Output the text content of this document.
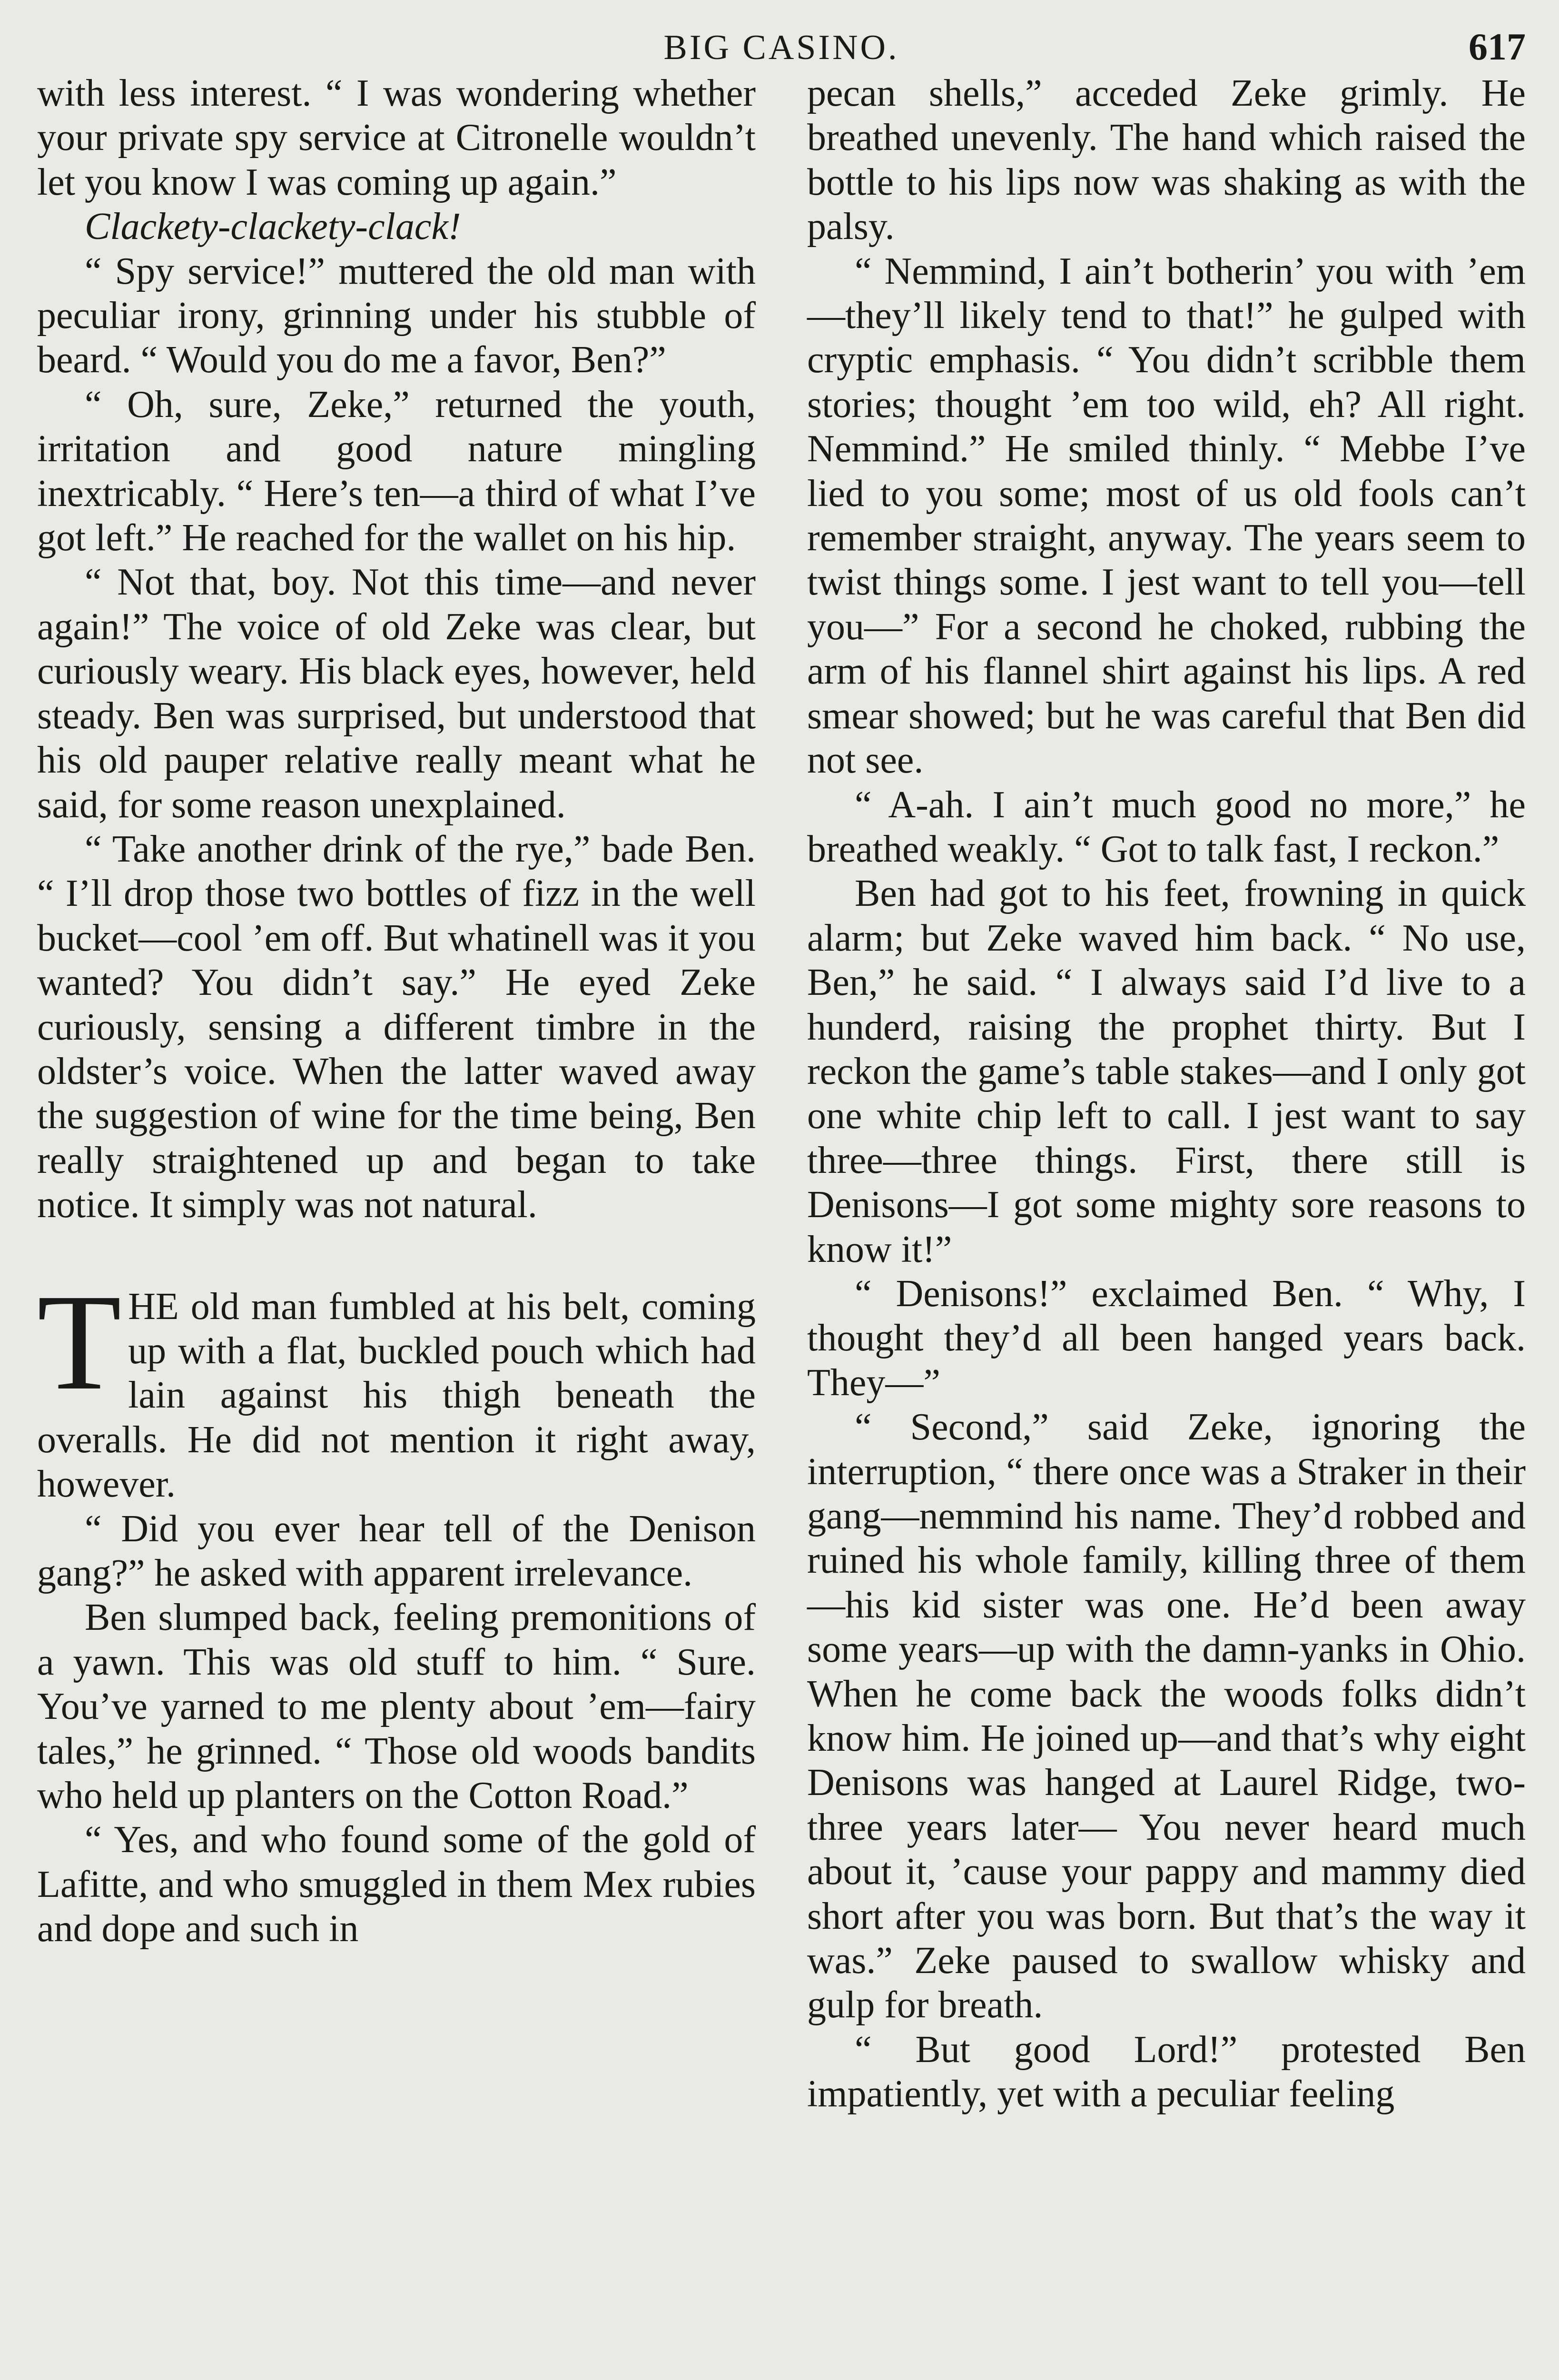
BIG CASINO.	617

with less interest. “ I was wondering whether your private spy service at Citronelle wouldn’t let you know I was coming up again.”

Clackety-clackety-clack!

“ Spy service!” muttered the old man with peculiar irony, grinning under his stubble of beard. “ Would you do me a favor, Ben?”

“ Oh, sure, Zeke,” returned the youth, irritation and good nature mingling inextricably. “ Here’s ten—a third of what I’ve got left.” He reached for the wallet on his hip.

“ Not that, boy. Not this time—and never again!” The voice of old Zeke was clear, but curiously weary. His black eyes, however, held steady. Ben was surprised, but understood that his old pauper relative really meant what he said, for some reason unexplained.

“ Take another drink of the rye,” bade Ben. “ I’ll drop those two bottles of fizz in the well bucket—cool ’em off. But whatinell was it you wanted? You didn’t say.” He eyed Zeke curiously, sensing a different timbre in the oldster’s voice. When the latter waved away the suggestion of wine for the time being, Ben really straightened up and began to take notice. It simply was not natural.

THE old man fumbled at his belt, coming up with a flat, buckled pouch which had lain against his thigh beneath the overalls. He did not mention it right away, however.

“ Did you ever hear tell of the Denison gang?” he asked with apparent irrelevance.

Ben slumped back, feeling premonitions of a yawn. This was old stuff to him. “ Sure. You’ve yarned to me plenty about ’em—fairy tales,” he grinned. “ Those old woods bandits who held up planters on the Cotton Road.”

“ Yes, and who found some of the gold of Lafitte, and who smuggled in them Mex rubies and dope and such in

pecan shells,” acceded Zeke grimly. He breathed unevenly. The hand which raised the bottle to his lips now was shaking as with the palsy.

“ Nemmind, I ain’t botherin’ you with ’em—they’ll likely tend to that!” he gulped with cryptic emphasis. “ You didn’t scribble them stories; thought ’em too wild, eh? All right. Nemmind.” He smiled thinly. “ Mebbe I’ve lied to you some; most of us old fools can’t remember straight, anyway. The years seem to twist things some. I jest want to tell you—tell you—” For a second he choked, rubbing the arm of his flannel shirt against his lips. A red smear showed; but he was careful that Ben did not see.

“ A-ah. I ain’t much good no more,” he breathed weakly. “ Got to talk fast, I reckon.”

Ben had got to his feet, frowning in quick alarm; but Zeke waved him back. “ No use, Ben,” he said. “ I always said I’d live to a hunderd, raising the prophet thirty. But I reckon the game’s table stakes—and I only got one white chip left to call. I jest want to say three—three things. First, there still is Denisons—I got some mighty sore reasons to know it!”

“ Denisons!” exclaimed Ben. “ Why, I thought they’d all been hanged years back. They—”

“ Second,” said Zeke, ignoring the interruption, “ there once was a Straker in their gang—nemmind his name. They’d robbed and ruined his whole family, killing three of them—his kid sister was one. He’d been away some years—up with the damn-yanks in Ohio. When he come back the woods folks didn’t know him. He joined up—and that’s why eight Denisons was hanged at Laurel Ridge, two-three years later— You never heard much about it, ’cause your pappy and mammy died short after you was born. But that’s the way it was.” Zeke paused to swallow whisky and gulp for breath.

“ But good Lord!” protested Ben impatiently, yet with a peculiar feeling
